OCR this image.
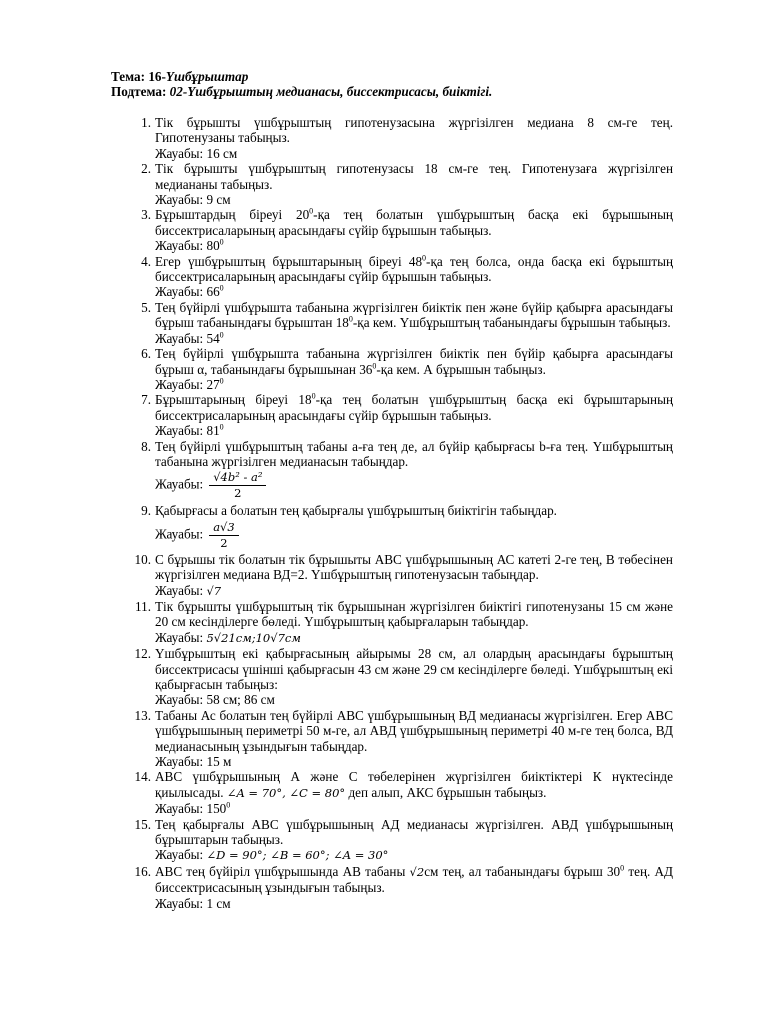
Тема: 16-Үшбұрыштар
Подтема: 02-Үшбұрыштың медианасы, биссектрисасы, биіктігі.
1. Тік бұрышты үшбұрыштың гипотенузасына жүргізілген медиана 8 см-ге тең. Гипотенузаны табыңыз.
Жауабы: 16 см
2. Тік бұрышты үшбұрыштың гипотенузасы 18 см-ге тең. Гипотенузаға жүргізілген медиананы табыңыз.
Жауабы: 9 см
3. Бұрыштардың біреуі $20^0-қа$ тең болатын үшбұрыштың басқа екі бұрышының биссектрисаларының арасындағы сүйір бұрышын табыңыз.
Жауабы: $80^0$
4. Егер үшбұрыштың бұрыштарының біреуі $48^0-қа$ тең болса, онда басқа екі бұрыштың биссектрисаларының арасындағы сүйір бұрышын табыңыз.
Жауабы: $66^0$
5. Тең бүйірлі үшбұрышта табанына жүргізілген биіктік пен және бүйір қабырға арасындағы бұрыш табанындағы бұрыштан $18^0-қа$ кем. Үшбұрыштың табанындағы бұрышын табыңыз.
Жауабы: $54^0$
6. Тең бүйірлі үшбұрышта табанына жүргізілген биіктік пен бүйір қабырға арасындағы бұрыш α, табанындағы бұрышынан $36^0-қа$ кем. А бұрышын табыңыз.
Жауабы: $27^0$
7. Бұрыштарының біреуі $18^0-қа$ тең болатын үшбұрыштың басқа екі бұрыштарының биссектрисаларының арасындағы сүйір бұрышын табыңыз.
Жауабы: $81^0$
8. Тең бүйірлі үшбұрыштың табаны а-ға тең де, ал бүйір қабырғасы b-ға тең. Үшбұрыштың табанына жүргізілген медианасын табыңдар.
Жауабы: $\frac{\text{√4b² - a²}}{2}$
9. Қабырғасы а болатын тең қабырғалы үшбұрыштың биіктігін табыңдар.
Жауабы: $\frac{a√3}{2}$
10. С бұрышы тік болатын тік бұрышыты АВС үшбұрышының АС катеті 2-ге тең, В төбесінен жүргізілген медиана ВД=2. Үшбұрыштың гипотенузасын табыңдар.
Жауабы: √7
11. Тік бұрышты үшбұрыштың тік бұрышынан жүргізілген биіктігі гипотенузаны 15 см және 20 см кесінділерге бөледі. Үшбұрыштың қабырғаларын табыңдар.
Жауабы: 5√21см;10√7см
12. Үшбұрыштың екі қабырғасының айырымы 28 см, ал олардың арасындағы бұрыштың биссектрисасы үшінші қабырғасын 43 см және 29 см кесінділерге бөледі. Үшбұрыштың екі қабырғасын табыңыз:
Жауабы: 58 см; 86 см
13. Табаны Ас болатын тең бүйірлі АВС үшбұрышының ВД медианасы жүргізілген. Егер АВС үшбұрышының периметрі 50 м-ге, ал АВД үшбұрышының периметрі 40 м-ге тең болса, ВД медианасының ұзындығын табыңдар.
Жауабы: 15 м
14. АВС үшбұрышының А және С төбелерінен жүргізілген биіктіктері К нүктесінде қиылысады. ∠A = 70°, ∠C = 80° деп алып, АКС бұрышын табыңыз.
Жауабы: $150^0$
15. Тең қабырғалы АВС үшбұрышының АД медианасы жүргізілген. АВД үшбұрышының бұрыштарын табыңыз.
Жауабы: ∠D = 90°; ∠B = 60°; ∠A = 30°
16. АВС тең бүйіріл үшбұрышында АВ табаны √2см тең, ал табанындағы бұрыш $30^0$ тең. АД биссектрисасының ұзындығын табыңыз.
Жауабы: 1 см
